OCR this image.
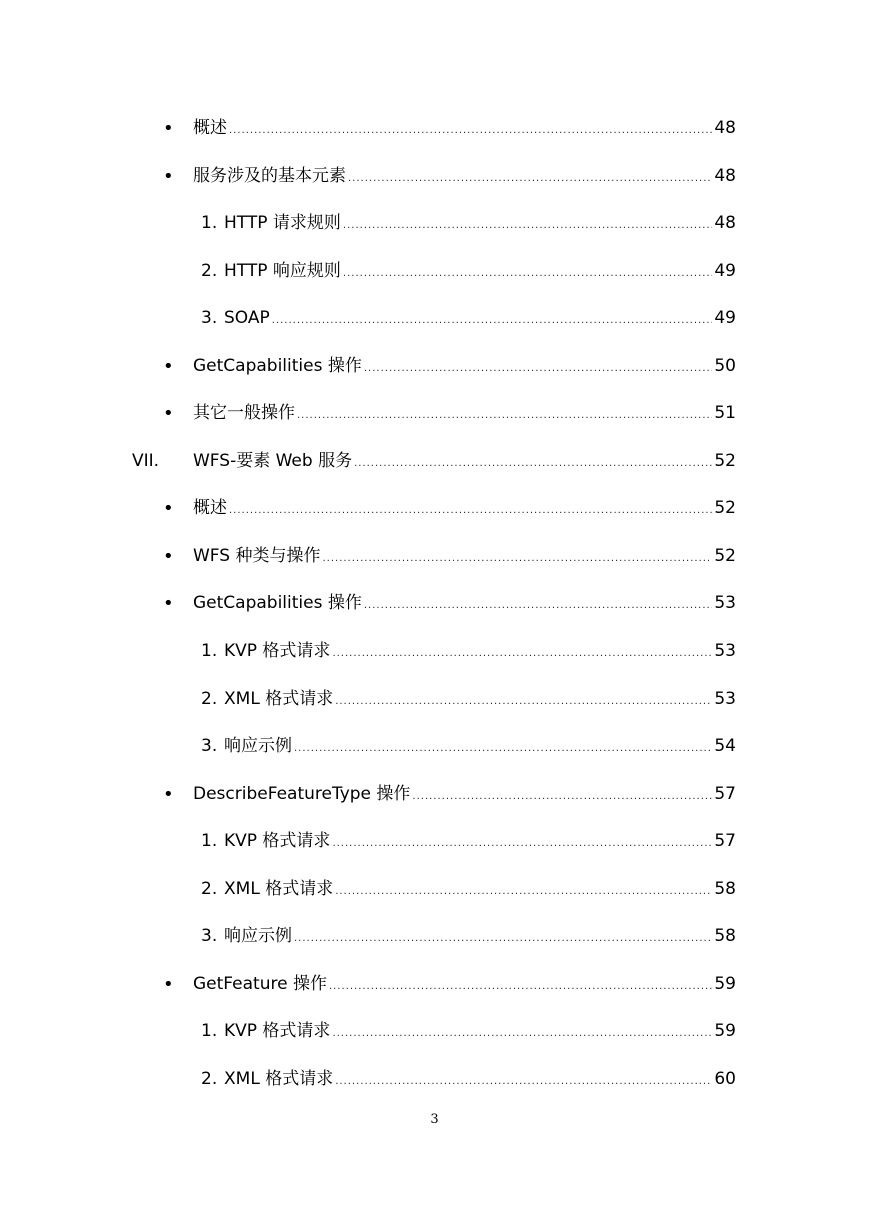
• 概述 .....	48
• 服务涉及的基本元素 .....	48
1. HTTP 请求规则 .....	48
2. HTTP 响应规则 .....	49
3. SOAP .....	49
• GetCapabilities 操作 .....	50
• 其它一般操作 .....	51
VII. WFS-要素 Web 服务 .....	52
• 概述 .....	52
• WFS 种类与操作 .....	52
• GetCapabilities 操作 .....	53
1. KVP 格式请求 .....	53
2. XML 格式请求 .....	53
3. 响应示例 .....	54
• DescribeFeatureType 操作 .....	57
1. KVP 格式请求 .....	57
2. XML 格式请求 .....	58
3. 响应示例 .....	58
• GetFeature 操作 .....	59
1. KVP 格式请求 .....	59
2. XML 格式请求 .....	60
3
